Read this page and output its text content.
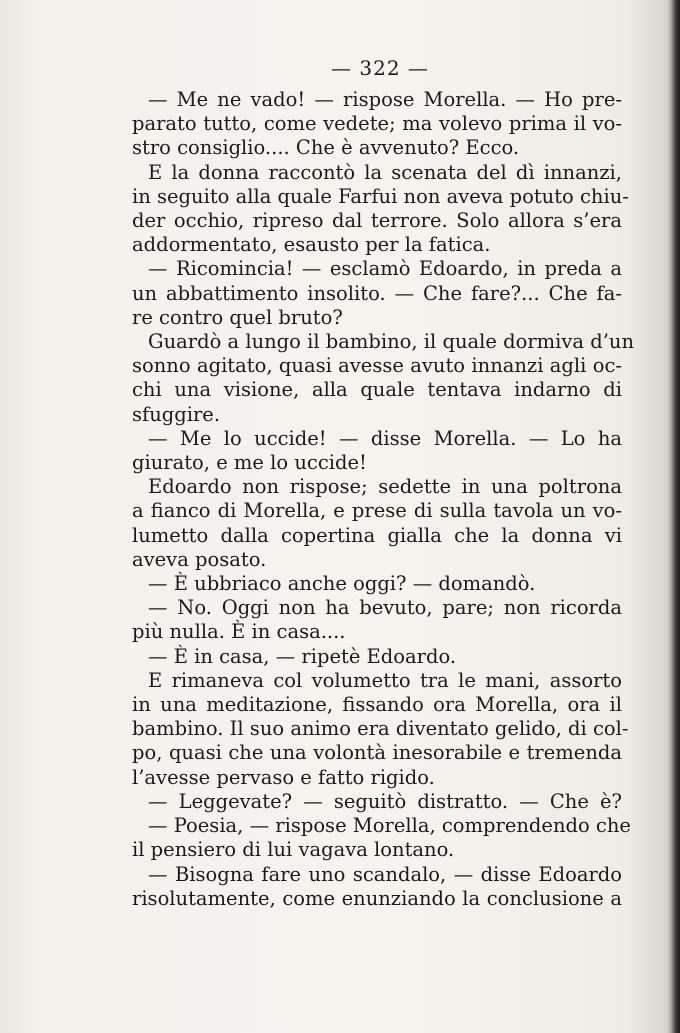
— 322 —
— Me ne vado! — rispose Morella. — Ho pre-
parato tutto, come vedete; ma volevo prima il vo-
stro consiglio.... Che è avvenuto? Ecco.
E la donna raccontò la scenata del dì innanzi,
in seguito alla quale Farfui non aveva potuto chiu-
der occhio, ripreso dal terrore. Solo allora s’era
addormentato, esausto per la fatica.
— Ricomincia! — esclamò Edoardo, in preda a
un abbattimento insolito. — Che fare?... Che fa-
re contro quel bruto?
Guardò a lungo il bambino, il quale dormiva d’un
sonno agitato, quasi avesse avuto innanzi agli oc-
chi una visione, alla quale tentava indarno di
sfuggire.
— Me lo uccide! — disse Morella. — Lo ha
giurato, e me lo uccide!
Edoardo non rispose; sedette in una poltrona
a fianco di Morella, e prese di sulla tavola un vo-
lumetto dalla copertina gialla che la donna vi
aveva posato.
— È ubbriaco anche oggi? — domandò.
— No. Oggi non ha bevuto, pare; non ricorda
più nulla. È in casa....
— È in casa, — ripetè Edoardo.
E rimaneva col volumetto tra le mani, assorto
in una meditazione, fissando ora Morella, ora il
bambino. Il suo animo era diventato gelido, di col-
po, quasi che una volontà inesorabile e tremenda
l’avesse pervaso e fatto rigido.
— Leggevate? — seguitò distratto. — Che è?
— Poesia, — rispose Morella, comprendendo che
il pensiero di lui vagava lontano.
— Bisogna fare uno scandalo, — disse Edoardo
risolutamente, come enunziando la conclusione a
